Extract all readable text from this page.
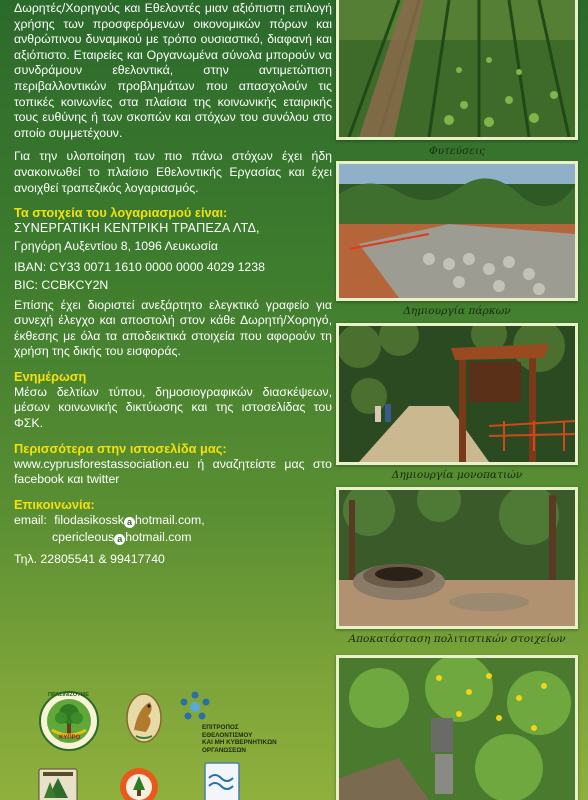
Δωρητές/Χορηγούς και Εθελοντές μιαν αξιόπιστη επιλογή χρήσης των προσφερόμενων οικονομικών πόρων και ανθρώπινου δυναμικού με τρόπο ουσιαστικό, διαφανή και αξιόπιστο. Εταιρείες και Οργανωμένα σύνολα μπορούν να συνδράμουν εθελοντικά, στην αντιμετώπιση περιβαλλοντικών προβλημάτων που απασχολούν τις τοπικές κοινωνίες στα πλαίσια της κοινωνικής εταιρικής τους ευθύνης ή των σκοπών και στόχων του συνόλου στο οποίο συμμετέχουν.

Για την υλοποίηση των πιο πάνω στόχων έχει ήδη ανακοινωθεί το πλαίσιο Εθελοντικής Εργασίας και έχει ανοιχθεί τραπεζικός λογαριασμός.

Τα στοιχεία του λογαριασμού είναι:

ΣΥΝΕΡΓΑΤΙΚΗ ΚΕΝΤΡΙΚΗ ΤΡΑΠΕΖΑ ΛΤΔ,

Γρηγόρη Αυξεντίου 8, 1096 Λευκωσία

IBAN: CY33 0071 1610 0000 0000 4029 1238

BIC: CCBKCY2N

Επίσης έχει διοριστεί ανεξάρτητο ελεγκτικό γραφείο για συνεχή έλεγχο και αποστολή στον κάθε Δωρητή/Χορηγό, έκθεσης με όλα τα αποδεικτικά στοιχεία που αφορούν τη χρήση της δικής του εισφοράς.

Ενημέρωση

Μέσω δελτίων τύπου, δημοσιογραφικών διασκέψεων, μέσων κοινωνικής δικτύωσης και της ιστοσελίδας του ΦΣΚ.

Περισσότερα στην ιστοσελίδα μας:

www.cyprusforestassociation.eu ή αναζητείστε μας στο facebook και twitter

Επικοινωνία:

email: filodasikossk a hotmail.com,

cpericleous a hotmail.com

Τηλ. 22805541 & 99417740

ΠΡΑΣΙΝΙΖΟΥΜΕ
ΚΥΠΡΟ
ΕΠΙΤΡΟΠΟΣ
ΕΘΕΛΟΝΤΙΣΜΟΥ
ΚΑΙ ΜΗ ΚΥΒΕΡΝΗΤΙΚΩΝ
ΟΡΓΑΝΩΣΕΩΝ
Φυτεύσεις
Δημιουργία πάρκων
Δημιουργία μονοπατιών
Αποκατάσταση πολιτιστικών στοιχείων
